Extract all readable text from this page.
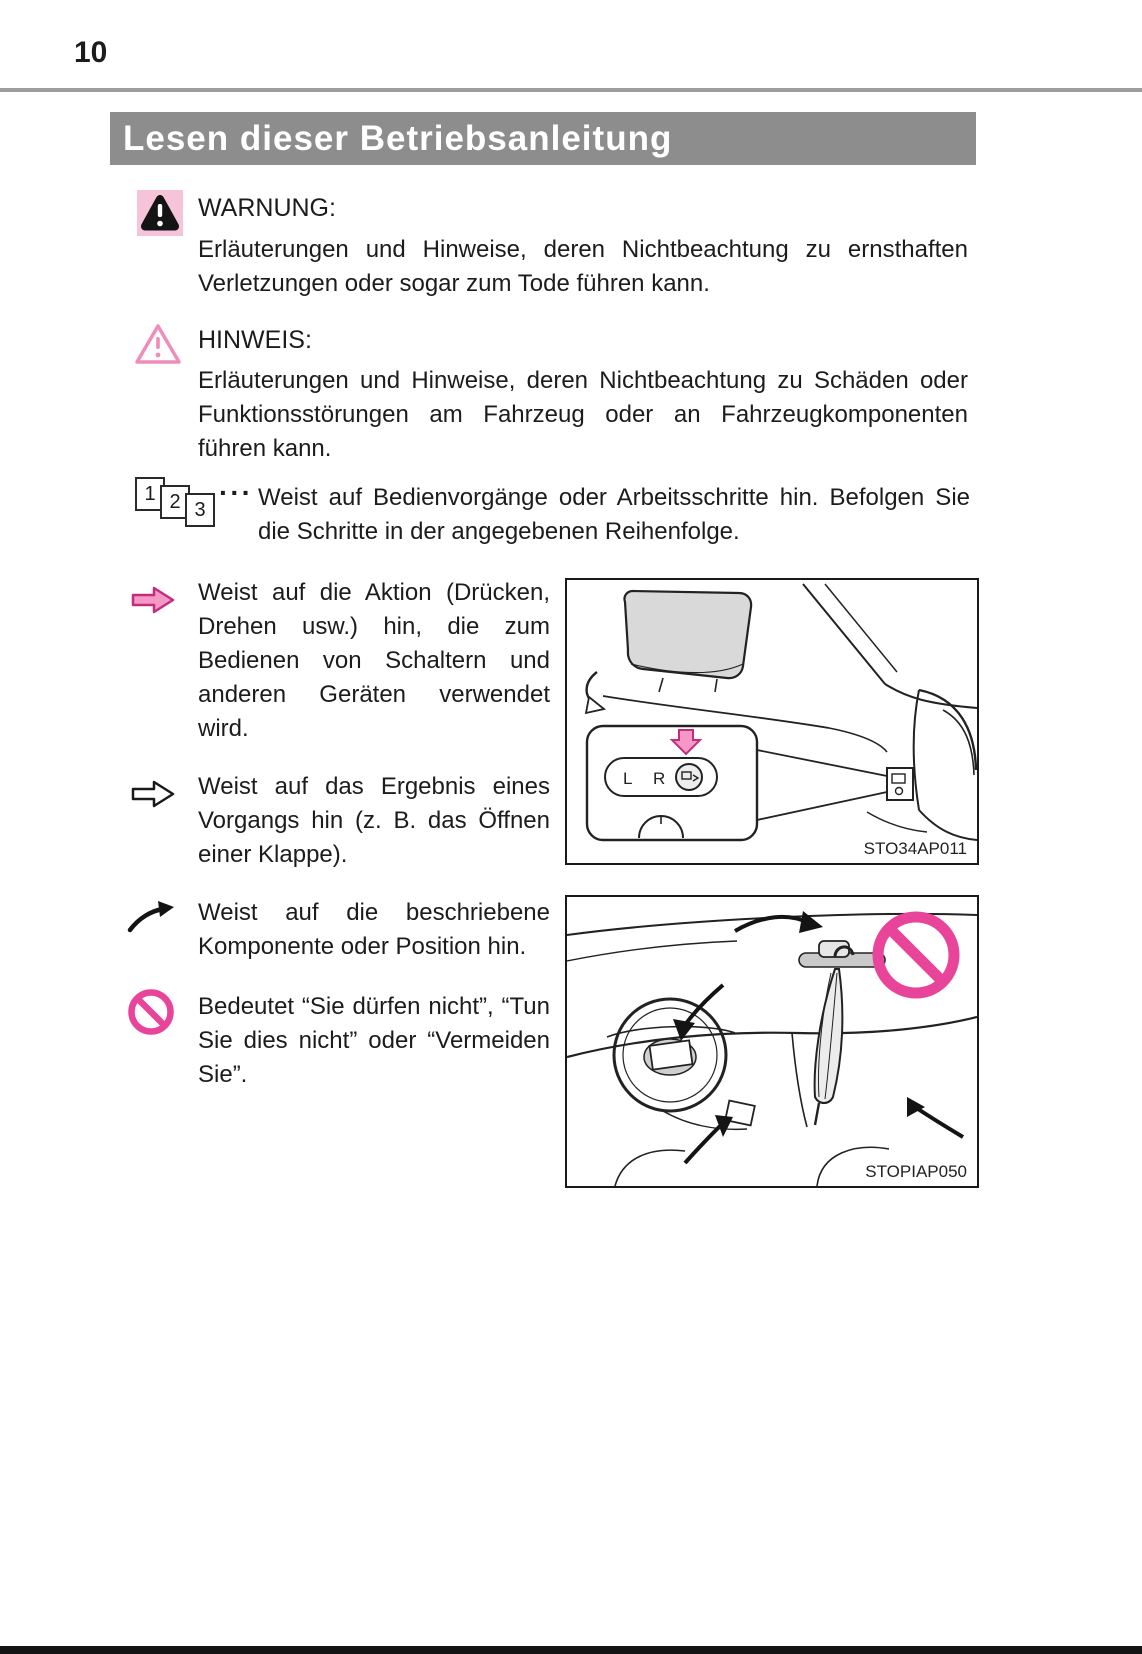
10
Lesen dieser Betriebsanleitung
WARNUNG:
Erläuterungen und Hinweise, deren Nichtbeachtung zu ernsthaften Verletzungen oder sogar zum Tode führen kann.
HINWEIS:
Erläuterungen und Hinweise, deren Nichtbeachtung zu Schäden oder Funktionsstörungen am Fahrzeug oder an Fahrzeugkomponenten führen kann.
1 2 3
··· Weist auf Bedienvorgänge oder Arbeitsschritte hin. Befolgen Sie die Schritte in der angegebenen Reihenfolge.
Weist auf die Aktion (Drücken, Drehen usw.) hin, die zum Bedienen von Schaltern und anderen Geräten verwendet wird.
Weist auf das Ergebnis eines Vorgangs hin (z. B. das Öffnen einer Klappe).
Weist auf die beschriebene Komponente oder Position hin.
Bedeutet “Sie dürfen nicht”, “Tun Sie dies nicht” oder “Vermeiden Sie”.
L R
STO34AP011
STOPIAP050
